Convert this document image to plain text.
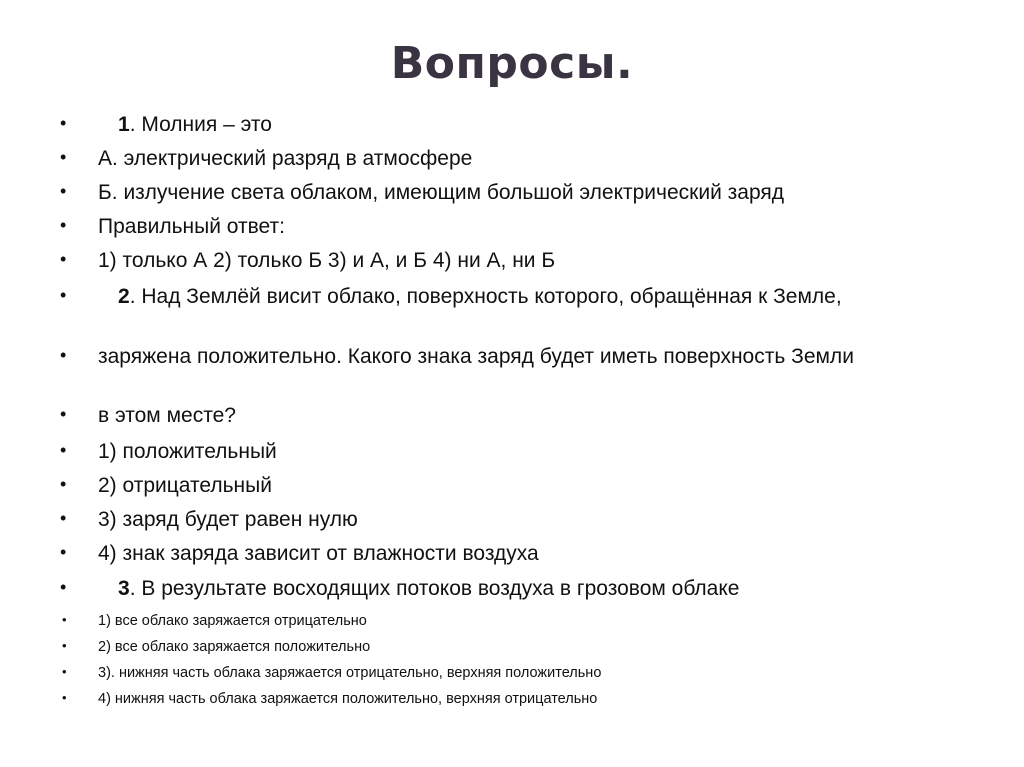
Вопросы.
•	1. Молния – это
• А. электрический разряд в атмосфере
• Б. излучение света облаком, имеющим большой электрический заряд
• Правильный ответ:
• 1) только А 2) только Б 3) и А, и Б 4) ни А, ни Б
•	2. Над Землёй висит облако, поверхность которого, обращённая к Земле,
• заряжена положительно. Какого знака заряд будет иметь поверхность Земли
• в этом месте?
• 1) положительный
• 2) отрицательный
• 3) заряд будет равен нулю
• 4) знак заряда зависит от влажности воздуха
•	3. В результате восходящих потоков воздуха в грозовом облаке
• 1) все облако заряжается отрицательно
• 2) все облако заряжается положительно
• 3). нижняя часть облака заряжается отрицательно, верхняя положительно
• 4) нижняя часть облака заряжается положительно, верхняя отрицательно
